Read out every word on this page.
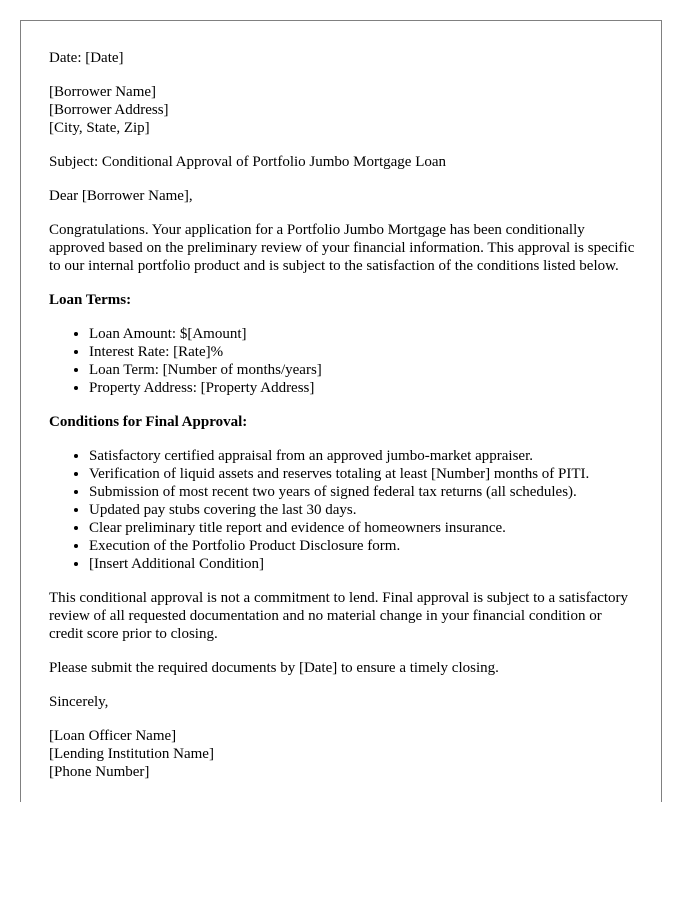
Date: [Date]

[Borrower Name]
[Borrower Address]
[City, State, Zip]

Subject: Conditional Approval of Portfolio Jumbo Mortgage Loan

Dear [Borrower Name],

Congratulations. Your application for a Portfolio Jumbo Mortgage has been conditionally approved based on the preliminary review of your financial information. This approval is specific to our internal portfolio product and is subject to the satisfaction of the conditions listed below.

Loan Terms:

• Loan Amount: $[Amount]
• Interest Rate: [Rate]%
• Loan Term: [Number of months/years]
• Property Address: [Property Address]

Conditions for Final Approval:

• Satisfactory certified appraisal from an approved jumbo-market appraiser.
• Verification of liquid assets and reserves totaling at least [Number] months of PITI.
• Submission of most recent two years of signed federal tax returns (all schedules).
• Updated pay stubs covering the last 30 days.
• Clear preliminary title report and evidence of homeowners insurance.
• Execution of the Portfolio Product Disclosure form.
• [Insert Additional Condition]

This conditional approval is not a commitment to lend. Final approval is subject to a satisfactory review of all requested documentation and no material change in your financial condition or credit score prior to closing.

Please submit the required documents by [Date] to ensure a timely closing.

Sincerely,

[Loan Officer Name]
[Lending Institution Name]
[Phone Number]
